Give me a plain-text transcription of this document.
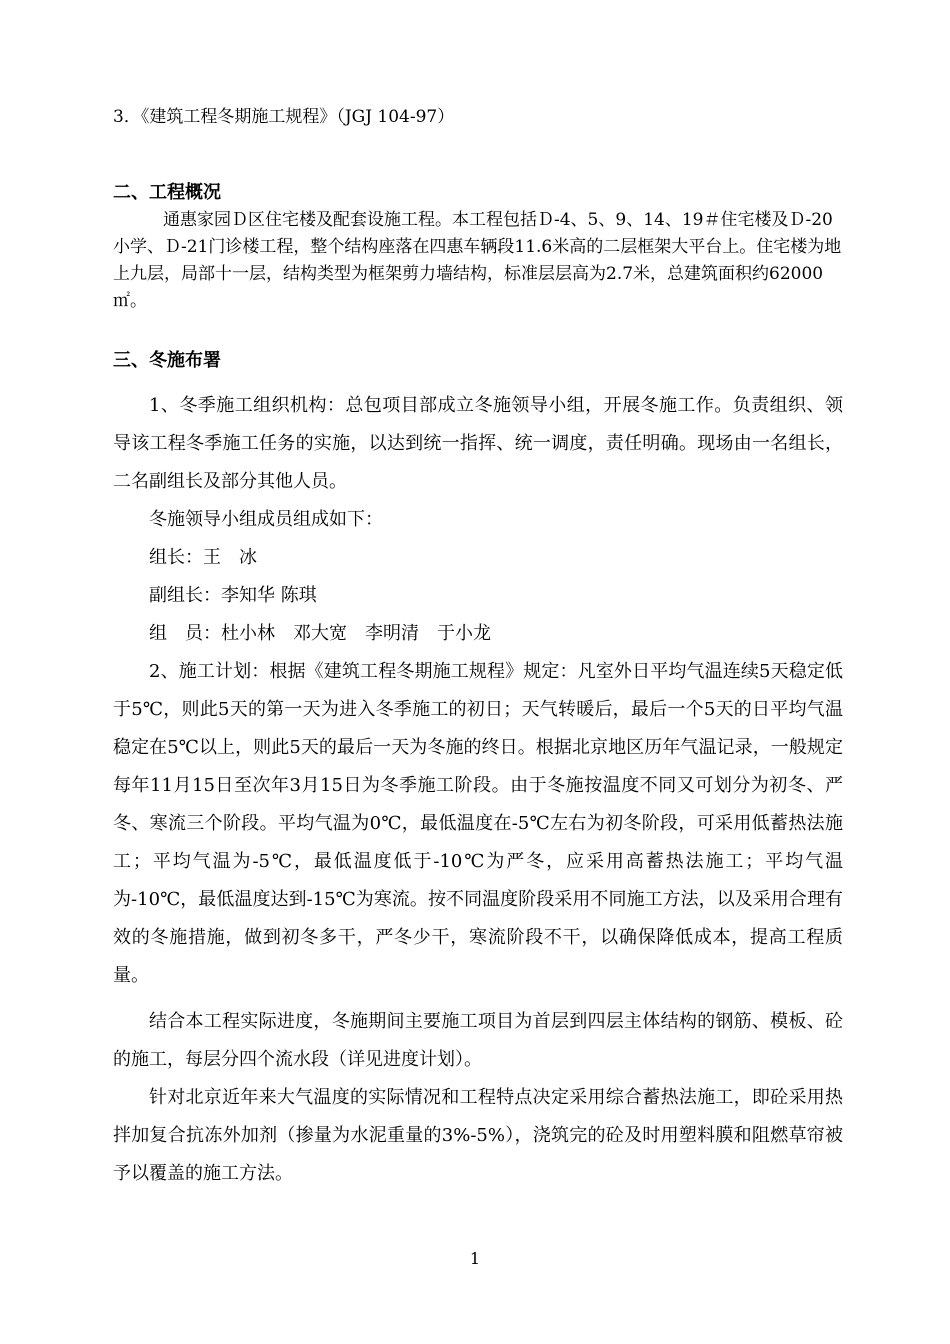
3．《建筑工程冬期施工规程》（JGJ 104-97）
二、工程概况
通惠家园Ｄ区住宅楼及配套设施工程。本工程包括Ｄ-4、5、9、14、19＃住宅楼及Ｄ-20小学、Ｄ-21门诊楼工程，整个结构座落在四惠车辆段11.6米高的二层框架大平台上。住宅楼为地上九层，局部十一层，结构类型为框架剪力墙结构，标准层层高为2.7米，总建筑面积约62000㎡。
三、冬施布署

1、冬季施工组织机构：总包项目部成立冬施领导小组，开展冬施工作。负责组织、领导该工程冬季施工任务的实施，以达到统一指挥、统一调度，责任明确。现场由一名组长，二名副组长及部分其他人员。

冬施领导小组成员组成如下：

组长：王　冰

副组长：李知华 陈琪

组　员：杜小林　邓大宽　李明清　于小龙

2、施工计划：根据《建筑工程冬期施工规程》规定：凡室外日平均气温连续5天稳定低于5℃，则此5天的第一天为进入冬季施工的初日；天气转暖后，最后一个5天的日平均气温稳定在5℃以上，则此5天的最后一天为冬施的终日。根据北京地区历年气温记录，一般规定每年11月15日至次年3月15日为冬季施工阶段。由于冬施按温度不同又可划分为初冬、严冬、寒流三个阶段。平均气温为0℃，最低温度在-5℃左右为初冬阶段，可采用低蓄热法施工；平均气温为-5℃，最低温度低于-10℃为严冬，应采用高蓄热法施工；平均气温为-10℃，最低温度达到-15℃为寒流。按不同温度阶段采用不同施工方法，以及采用合理有效的冬施措施，做到初冬多干，严冬少干，寒流阶段不干，以确保降低成本，提高工程质量。

结合本工程实际进度，冬施期间主要施工项目为首层到四层主体结构的钢筋、模板、砼的施工，每层分四个流水段（详见进度计划）。

针对北京近年来大气温度的实际情况和工程特点决定采用综合蓄热法施工，即砼采用热拌加复合抗冻外加剂（掺量为水泥重量的3%-5%），浇筑完的砼及时用塑料膜和阻燃草帘被予以覆盖的施工方法。

1
